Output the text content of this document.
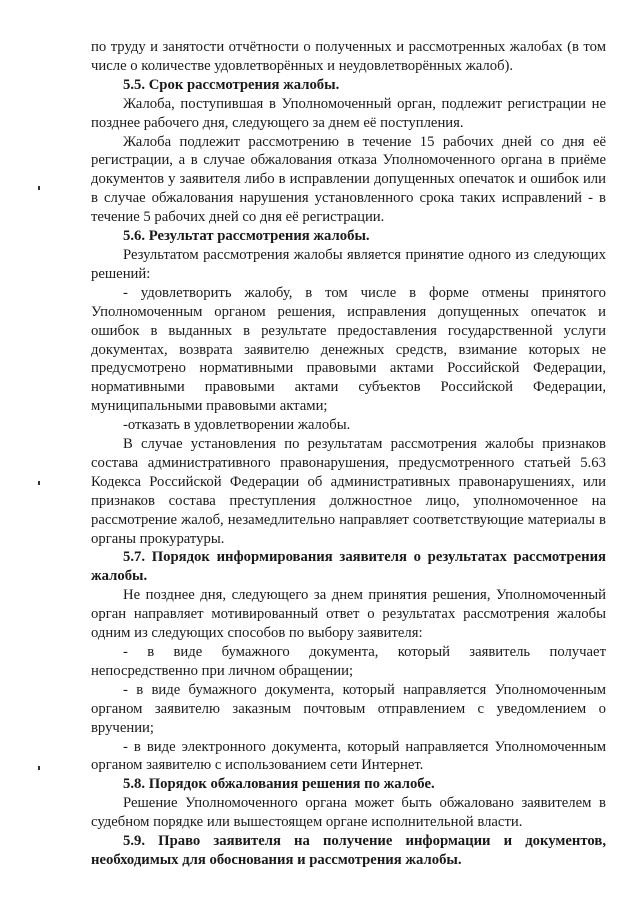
по труду и занятости отчётности о полученных и рассмотренных жалобах (в том числе о количестве удовлетворённых и неудовлетворённых жалоб).

5.5. Срок рассмотрения жалобы.

Жалоба, поступившая в Уполномоченный орган, подлежит регистрации не позднее рабочего дня, следующего за днем её поступления.

Жалоба подлежит рассмотрению в течение 15 рабочих дней со дня её регистрации, а в случае обжалования отказа Уполномоченного органа в приёме документов у заявителя либо в исправлении допущенных опечаток и ошибок или в случае обжалования нарушения установленного срока таких исправлений - в течение 5 рабочих дней со дня её регистрации.

5.6. Результат рассмотрения жалобы.

Результатом рассмотрения жалобы является принятие одного из следующих решений:

- удовлетворить жалобу, в том числе в форме отмены принятого Уполномоченным органом решения, исправления допущенных опечаток и ошибок в выданных в результате предоставления государственной услуги документах, возврата заявителю денежных средств, взимание которых не предусмотрено нормативными правовыми актами Российской Федерации, нормативными правовыми актами субъектов Российской Федерации, муниципальными правовыми актами;

-отказать в удовлетворении жалобы.

В случае установления по результатам рассмотрения жалобы признаков состава административного правонарушения, предусмотренного статьей 5.63 Кодекса Российской Федерации об административных правонарушениях, или признаков состава преступления должностное лицо, уполномоченное на рассмотрение жалоб, незамедлительно направляет соответствующие материалы в органы прокуратуры.

5.7. Порядок информирования заявителя о результатах рассмотрения жалобы.

Не позднее дня, следующего за днем принятия решения, Уполномоченный орган направляет мотивированный ответ о результатах рассмотрения жалобы одним из следующих способов по выбору заявителя:

- в виде бумажного документа, который заявитель получает непосредственно при личном обращении;

- в виде бумажного документа, который направляется Уполномоченным органом заявителю заказным почтовым отправлением с уведомлением о вручении;

- в виде электронного документа, который направляется Уполномоченным органом заявителю с использованием сети Интернет.

5.8. Порядок обжалования решения по жалобе.

Решение Уполномоченного органа может быть обжаловано заявителем в судебном порядке или вышестоящем органе исполнительной власти.

5.9. Право заявителя на получение информации и документов, необходимых для обоснования и рассмотрения жалобы.
